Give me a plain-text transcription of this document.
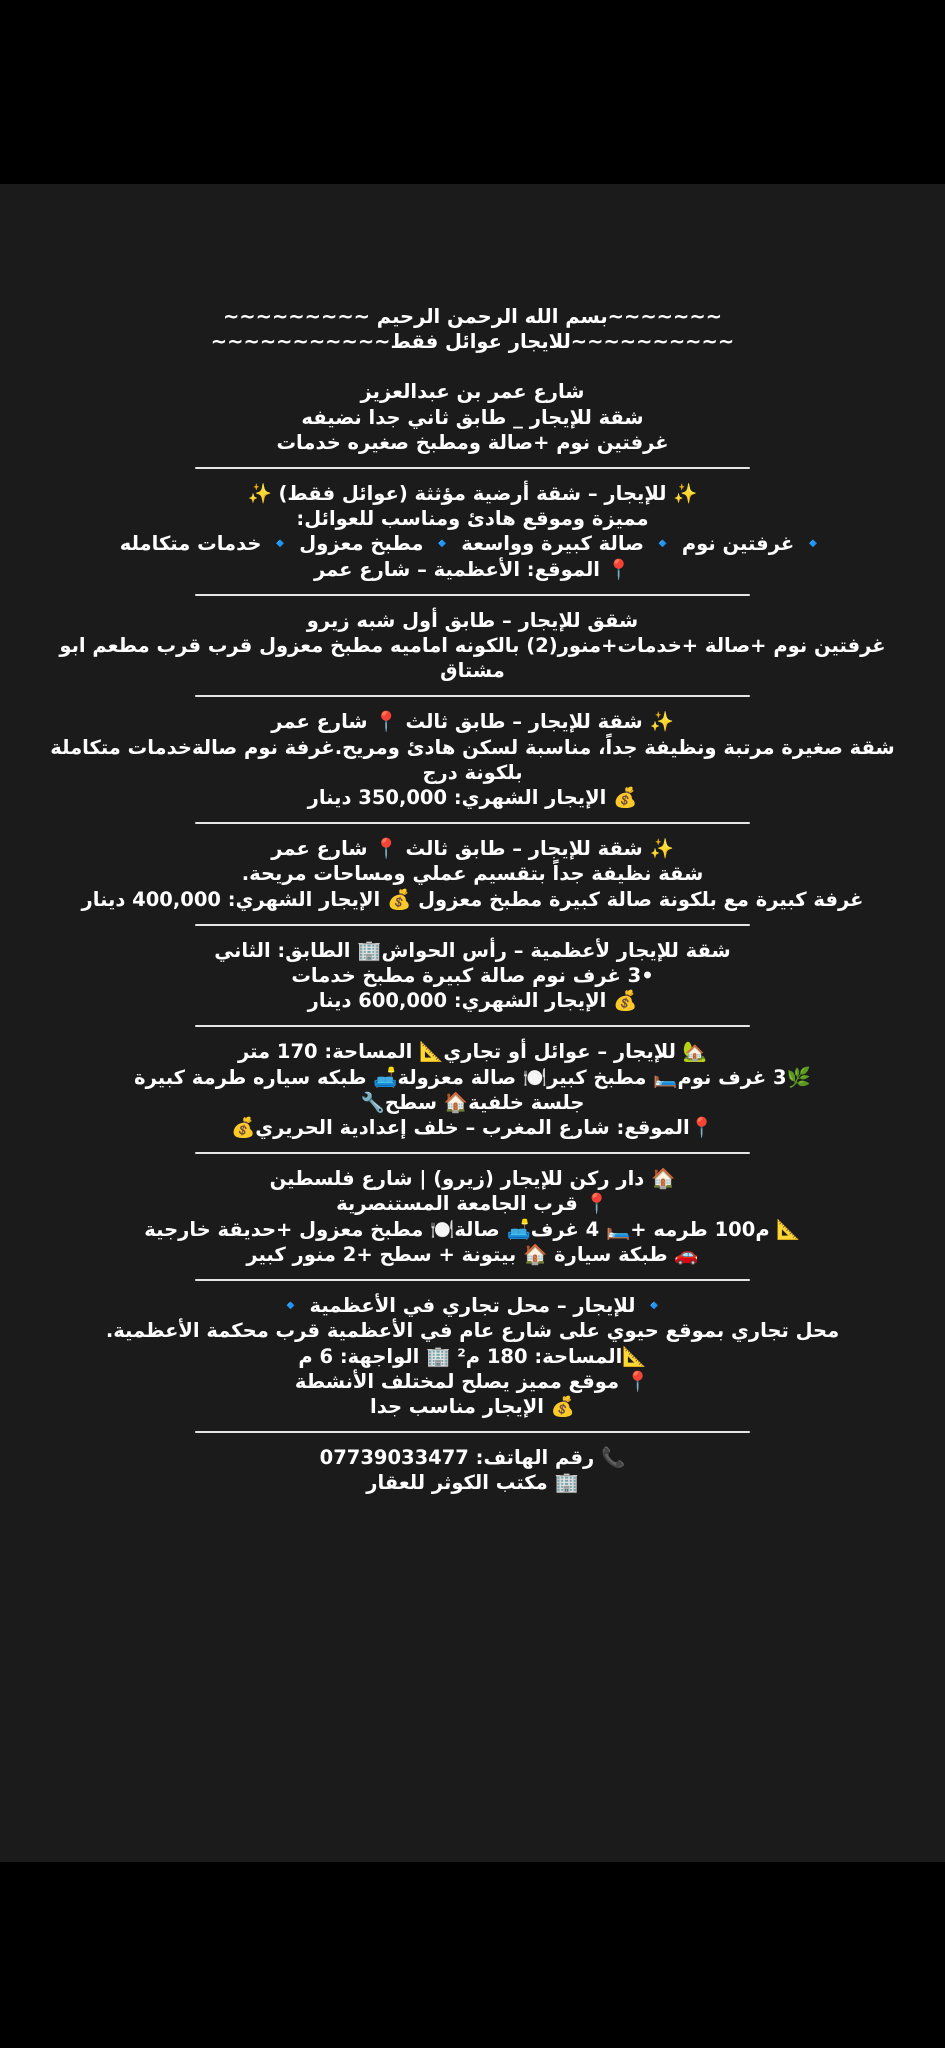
~~~~~~~بسم الله الرحمن الرحيم ~~~~~~~~~
~~~~~~~~~~للايجار عوائل فقط~~~~~~~~~~~
شارع عمر بن عبدالعزيز
شقة للإيجار _ طابق ثاني جدا نضيفه
غرفتين نوم +صالة ومطبخ صغيره خدمات
✨ للإيجار – شقة أرضية مؤثثة (عوائل فقط) ✨
مميزة وموقع هادئ ومناسب للعوائل:
🔹 غرفتين نوم 🔹 صالة كبيرة وواسعة 🔹 مطبخ معزول 🔹 خدمات متكامله
📍 الموقع: الأعظمية – شارع عمر
شقق للإيجار – طابق أول شبه زيرو
غرفتين نوم +صالة +خدمات+منور(2) بالكونه اماميه مطبخ معزول قرب قرب مطعم ابو مشتاق
✨ شقة للإيجار – طابق ثالث 📍 شارع عمر
شقة صغيرة مرتبة ونظيفة جداً، مناسبة لسكن هادئ ومريح.غرفة نوم صالةخدمات متكاملة بلكونة درج
💰 الإيجار الشهري: 350,000 دينار
✨ شقة للإيجار – طابق ثالث 📍 شارع عمر
شقة نظيفة جداً بتقسيم عملي ومساحات مريحة.
غرفة كبيرة مع بلكونة صالة كبيرة مطبخ معزول 💰 الإيجار الشهري: 400,000 دينار
شقة للإيجار لأعظمية – رأس الحواش🏢 الطابق: الثاني
•3 غرف نوم صالة كبيرة مطبخ خدمات
💰 الإيجار الشهري: 600,000 دينار
🏡 للإيجار – عوائل أو تجاري📐 المساحة: 170 متر
🌿3 غرف نوم🛏️ مطبخ كبير🍽️ صالة معزولة🛋️ طبكه سياره طرمة كبيرة
جلسة خلفية🏠 سطح🔧
📍الموقع: شارع المغرب – خلف إعدادية الحريري💰
🏠 دار ركن للإيجار (زيرو) | شارع فلسطين
📍 قرب الجامعة المستنصرية
📐 م100 طرمه +🛏️ 4 غرف🛋️ صالة🍽️ مطبخ معزول +حديقة خارجية
🚗 طبكة سيارة 🏠 بيتونة + سطح +2 منور كبير
🔹 للإيجار – محل تجاري في الأعظمية 🔹
محل تجاري بموقع حيوي على شارع عام في الأعظمية قرب محكمة الأعظمية.
📐المساحة: 180 م² 🏢 الواجهة: 6 م
📍 موقع مميز يصلح لمختلف الأنشطة
💰 الإيجار مناسب جدا
📞 رقم الهاتف: 07739033477
🏢 مكتب الكوثر للعقار
